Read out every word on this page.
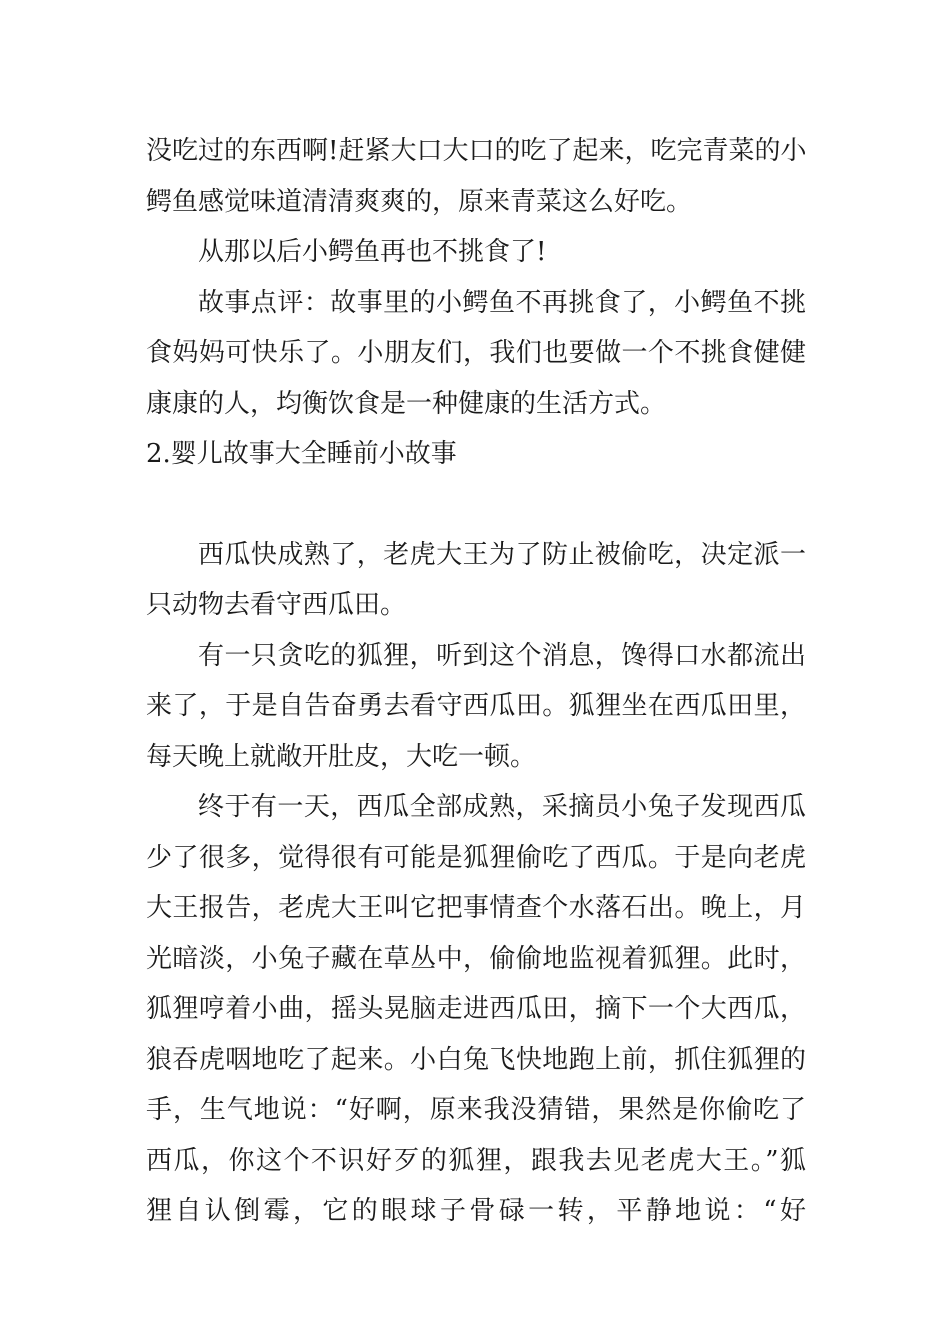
没吃过的东西啊!赶紧大口大口的吃了起来，吃完青菜的小
鳄鱼感觉味道清清爽爽的，原来青菜这么好吃。
从那以后小鳄鱼再也不挑食了!
故事点评：故事里的小鳄鱼不再挑食了，小鳄鱼不挑
食妈妈可快乐了。小朋友们，我们也要做一个不挑食健健
康康的人，均衡饮食是一种健康的生活方式。
2.婴儿故事大全睡前小故事
西瓜快成熟了，老虎大王为了防止被偷吃，决定派一
只动物去看守西瓜田。
有一只贪吃的狐狸，听到这个消息，馋得口水都流出
来了，于是自告奋勇去看守西瓜田。狐狸坐在西瓜田里，
每天晚上就敞开肚皮，大吃一顿。
终于有一天，西瓜全部成熟，采摘员小兔子发现西瓜
少了很多，觉得很有可能是狐狸偷吃了西瓜。于是向老虎
大王报告，老虎大王叫它把事情查个水落石出。晚上，月
光暗淡，小兔子藏在草丛中，偷偷地监视着狐狸。此时，
狐狸哼着小曲，摇头晃脑走进西瓜田，摘下一个大西瓜，
狼吞虎咽地吃了起来。小白兔飞快地跑上前，抓住狐狸的
手，生气地说：“好啊，原来我没猜错，果然是你偷吃了
西瓜，你这个不识好歹的狐狸，跟我去见老虎大王。”狐
狸自认倒霉，它的眼球子骨碌一转，平静地说：“好
